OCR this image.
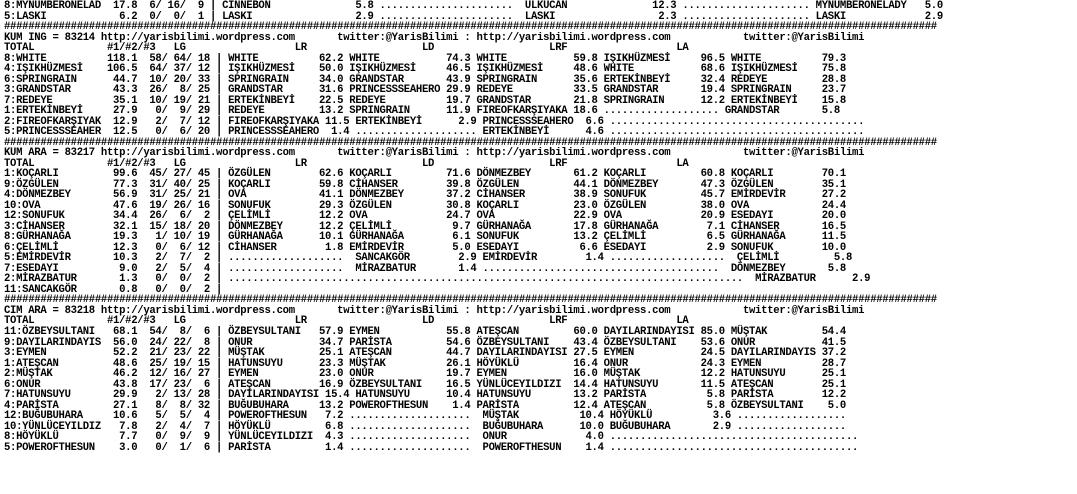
8:MYNUMBERONELAD  17.8  6/ 16/  9 | CINNEBON              5.8 ......................  ÜLKÜCAN              12.3 ..................... MYNUMBERONELADY   5.0
5:LASKI            6.2  0/  0/  1 | LASKI                 2.9 ......................  LASKI                 2.3 ..................... LASKI             2.9
##########################################################################################################################################################
KUM ING = 83214 http://yarisbilimi.wordpress.com       twitter:@YarisBilimi : http://yarisbilimi.wordpress.com            twitter:@YarisBilimi
TOTAL            #1/#2/#3   LG                  LR                   LD                   LRF                  LA
8:WHITE          118.1  58/ 64/ 18 | WHITE          62.2 WHITE           74.3 WHITE           59.8 IŞIKHÜZMESİ     96.5 WHITE          79.3
4:IŞIKHÜZMESİ    106.5  64/ 37/ 12 | IŞIKHÜZMESİ    50.0 IŞIKHÜZMESİ     46.5 IŞIKHÜZMESİ     48.6 WHITE           68.6 IŞIKHÜZMESİ    75.8
6:SPRINGRAIN      44.7  10/ 20/ 33 | SPRINGRAIN     34.0 GRANDSTAR       43.9 SPRINGRAIN      35.6 ERTEKİNBEYİ     32.4 REDEYE         28.8
3:GRANDSTAR       43.3  26/  8/ 25 | GRANDSTAR      31.6 PRINCESSSEAHERO 29.9 REDEYE          33.5 GRANDSTAR       19.4 SPRINGRAIN     23.7
7:REDEYE          35.1  10/ 19/ 21 | ERTEKİNBEYİ    22.5 REDEYE          19.7 GRANDSTAR       21.8 SPRINGRAIN      12.2 ERTEKİNBEYİ    15.8
1:ERTEKİNBEYİ     27.9   0/  9/ 29 | REDEYE         13.2 SPRINGRAIN      11.9 FIREOFKARŞIYAKA 18.6 ................... GRANDSTAR       5.8
2:FIREOFKARŞIYAK  12.9   2/  7/ 12 | FIREOFKARŞIYAKA 11.5 ERTEKİNBEYİ      2.9 PRINCESSSEAHERO  6.6 ..........................................
5:PRINCESSSEAHER  12.5   0/  6/ 20 | PRINCESSSEAHERO  1.4 .................... ERTEKİNBEYİ      4.6 ..........................................
##########################################################################################################################################################
KUM ARA = 83217 http://yarisbilimi.wordpress.com       twitter:@YarisBilimi : http://yarisbilimi.wordpress.com            twitter:@YarisBilimi
TOTAL            #1/#2/#3   LG                  LR                   LD                   LRF                  LA
1:KOÇARLI         99.6  45/ 27/ 45 | ÖZGÜLEN        62.6 KOÇARLI         71.6 DÖNMEZBEY       61.2 KOÇARLI         60.8 KOÇARLI        70.1
9:ÖZGÜLEN         77.3  31/ 40/ 25 | KOÇARLI        59.8 CİHANSER        39.8 ÖZGÜLEN         44.1 DÖNMEZBEY       47.3 ÖZGÜLEN        35.1
4:DÖNMEZBEY       56.9  31/ 25/ 21 | OVA            41.1 DÖNMEZBEY       37.2 CİHANSER        38.9 SONUFUK         45.7 EMİRDEVİR      27.2
10:OVA            47.6  19/ 26/ 16 | SONUFUK        29.3 ÖZGÜLEN         30.8 KOÇARLI         23.0 ÖZGÜLEN         38.0 OVA            24.4
12:SONUFUK        34.4  26/  6/  2 | ÇELİMLİ        12.2 OVA             24.7 OVA             22.9 OVA             20.9 ESEDAYI        20.0
3:CİHANSER        32.1  15/ 18/ 20 | DÖNMEZBEY      12.2 ÇELİMLİ          9.7 GÜRHANAĞA       17.8 GÜRHANAĞA        7.1 CİHANSER       16.5
8:GÜRHANAĞA       19.3   1/ 10/ 19 | GÜRHANAĞA      10.1 GÜRHANAĞA        6.1 SONUFUK         13.2 ÇELİMLİ          6.5 GÜRHANAĞA      11.5
6:ÇELİMLİ         12.3   0/  6/ 12 | CİHANSER        1.8 EMİRDEVİR        5.0 ESEDAYI          6.6 ESEDAYI          2.9 SONUFUK        10.0
5:EMİRDEVİR       10.3   2/  7/  2 | ...................  SANCAKGÖR        2.9 EMİRDEVİR        1.4 ...................  ÇELİMLİ         5.8
7:ESEDAYI          9.0   2/  5/  4 | ...................  MİRAZBATUR       1.4 .......................................  DÖNMEZBEY       5.8
2:MİRAZBATUR       1.3   0/  0/  2 | .....................................................................................  MİRAZBATUR      2.9
11:SANCAKGÖR       0.8   0/  0/  2 |
##########################################################################################################################################################
CIM ARA = 83218 http://yarisbilimi.wordpress.com       twitter:@YarisBilimi : http://yarisbilimi.wordpress.com            twitter:@YarisBilimi
TOTAL            #1/#2/#3   LG                  LR                   LD                   LRF                  LA
11:ÖZBEYSULTANI   68.1  54/  8/  6 | ÖZBEYSULTANI   57.9 EYMEN           55.8 ATEŞCAN         60.0 DAYILARINDAYISI 85.0 MÜŞTAK         54.4
9:DAYILARINDAYIS  56.0  24/ 22/  8 | ONUR           34.7 PARİSTA         54.6 ÖZBEYSULTANI    43.4 ÖZBEYSULTANI    53.6 ONUR           41.5
3:EYMEN           52.2  21/ 23/ 22 | MÜŞTAK         25.1 ATEŞCAN         44.7 DAYILARINDAYISI 27.5 EYMEN           24.5 DAYILARINDAYIS 37.2
1:ATEŞCAN         48.6  25/ 19/ 15 | HATUNSUYU      23.3 MÜŞTAK          26.1 HÖYÜKLÜ         16.4 ONUR            24.3 EYMEN          28.7
2:MÜŞTAK          46.2  12/ 16/ 27 | EYMEN          23.0 ONUR            19.7 EYMEN           16.0 MÜŞTAK          12.2 HATUNSUYU      25.1
6:ONUR            43.8  17/ 23/  6 | ATEŞCAN        16.9 ÖZBEYSULTANI    16.5 YÜNLÜCEYILDIZI  14.4 HATUNSUYU       11.5 ATEŞCAN        25.1
7:HATUNSUYU       29.9   2/ 13/ 28 | DAYILARINDAYISI 15.4 HATUNSUYU      10.4 HATUNSUYU       13.2 PARİSTA          5.8 PARİSTA        12.2
4:PARİSTA         27.1   8/  8/ 32 | BUĞUBUHARA     13.2 POWEROFTHESUN    1.4 PARİSTA         12.4 ATEŞCAN          5.8 ÖZBEYSULTANI    5.0
12:BUĞUBUHARA     10.6   5/  5/  4 | POWEROFTHESUN   7.2 ....................  MÜŞTAK          10.4 HÖYÜKLÜ          3.6 ..................
10:YÜNLÜCEYILDIZ   7.8   2/  4/  7 | HÖYÜKLÜ         6.8 ....................  BUĞUBUHARA      10.0 BUĞUBUHARA       2.9 ..................
8:HÖYÜKLÜ          7.7   0/  9/  9 | YÜNLÜCEYILDIZI  4.3 ....................  ONUR             4.0 .........................................
5:POWEROFTHESUN    3.0   0/  1/  6 | PARİSTA         1.4 ....................  POWEROFTHESUN    1.4 .........................................
